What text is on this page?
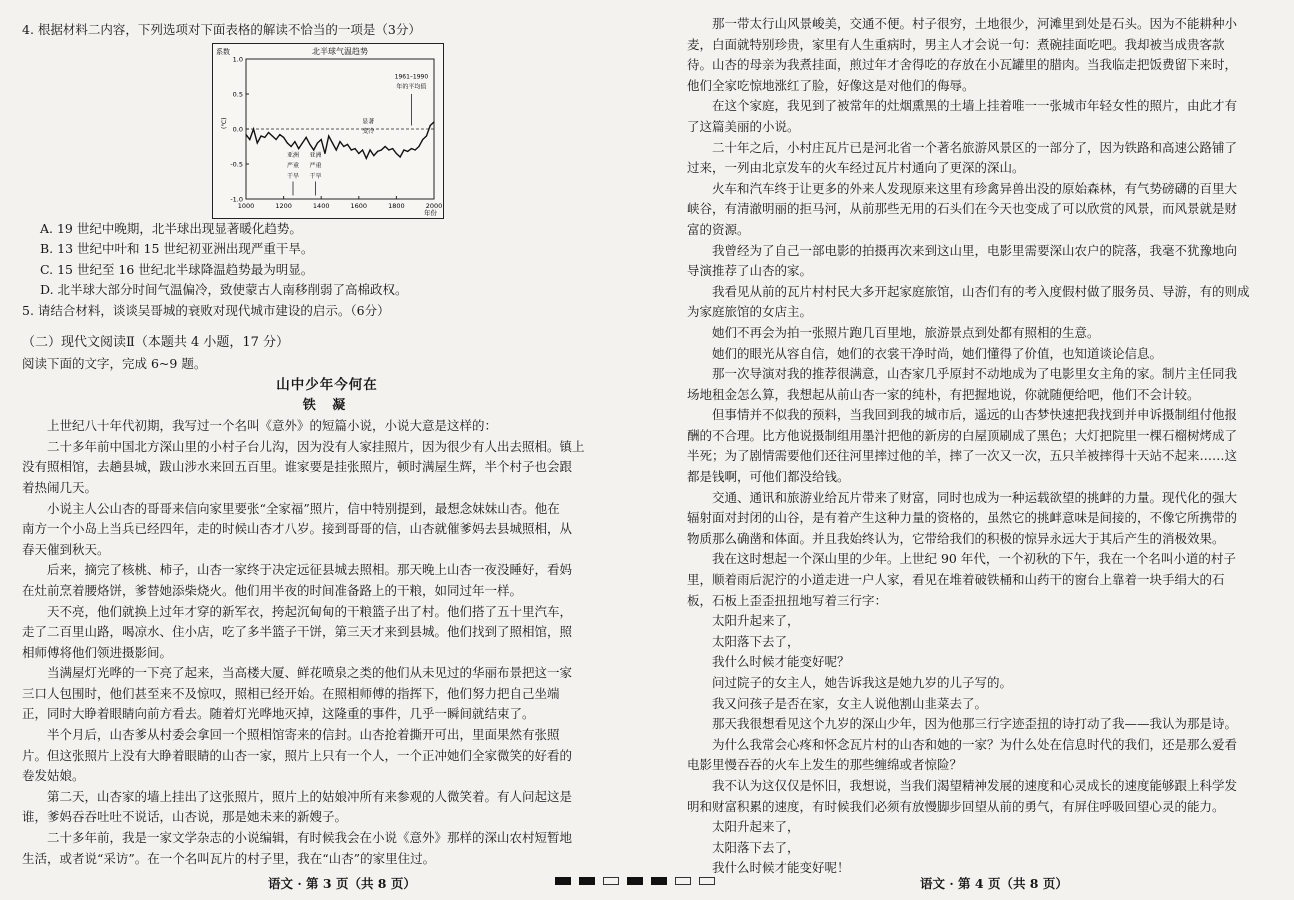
4. 根据材料二内容，下列选项对下面表格的解读不恰当的一项是（3分）
北半球气温趋势
系数
(℃)
1.0
0.5
0.0
-0.5
-1.0
1000	1200	1400	1600	1800	2000
年份
1961–1990
年的平均值
亚洲
严重
干旱
亚洲
严重
干旱
显著
变冷
A. 19 世纪中晚期，北半球出现显著暖化趋势。
B. 13 世纪中叶和 15 世纪初亚洲出现严重干旱。
C. 15 世纪至 16 世纪北半球降温趋势最为明显。
D. 北半球大部分时间气温偏冷，致使蒙古人南移削弱了高棉政权。
5. 请结合材料，谈谈吴哥城的衰败对现代城市建设的启示。（6分）
（二）现代文阅读Ⅱ（本题共 4 小题，17 分）
阅读下面的文字，完成 6~9 题。
山中少年今何在
铁 凝
上世纪八十年代初期，我写过一个名叫《意外》的短篇小说，小说大意是这样的：
二十多年前中国北方深山里的小村子台儿沟，因为没有人家挂照片，因为很少有人出去照相。镇上
没有照相馆，去趟县城，跋山涉水来回五百里。谁家要是挂张照片，顿时满屋生辉，半个村子也会跟
着热闹几天。
小说主人公山杏的哥哥来信向家里要张“全家福”照片，信中特别提到，最想念妹妹山杏。他在
南方一个小岛上当兵已经四年，走的时候山杏才八岁。接到哥哥的信，山杏就催爹妈去县城照相，从
春天催到秋天。
后来，摘完了核桃、柿子，山杏一家终于决定远征县城去照相。那天晚上山杏一夜没睡好，看妈
在灶前烹着腰烙饼，爹替她添柴烧火。他们用半夜的时间准备路上的干粮，如同过年一样。
天不亮，他们就换上过年才穿的新军衣，挎起沉甸甸的干粮篮子出了村。他们搭了五十里汽车，
走了二百里山路，喝凉水、住小店，吃了多半篮子干饼，第三天才来到县城。他们找到了照相馆，照
相师傅将他们领进摄影间。
当满屋灯光哗的一下亮了起来，当高楼大厦、鲜花喷泉之类的他们从未见过的华丽布景把这一家
三口人包围时，他们甚至来不及惊叹，照相已经开始。在照相师傅的指挥下，他们努力把自己坐端
正，同时大睁着眼睛向前方看去。随着灯光哗地灭掉，这隆重的事件，几乎一瞬间就结束了。
半个月后，山杏爹从村委会拿回一个照相馆寄来的信封。山杏抢着撕开可出，里面果然有张照
片。但这张照片上没有大睁着眼睛的山杏一家，照片上只有一个人，一个正冲她们全家微笑的好看的
卷发姑娘。
第二天，山杏家的墙上挂出了这张照片，照片上的姑娘冲所有来参观的人微笑着。有人问起这是
谁，爹妈吞吞吐吐不说话，山杏说，那是她未来的新嫂子。
二十多年前，我是一家文学杂志的小说编辑，有时候我会在小说《意外》那样的深山农村短暂地
生活，或者说“采访”。在一个名叫瓦片的村子里，我在“山杏”的家里住过。
语文 · 第 3 页（共 8 页）
那一带太行山风景峻美，交通不便。村子很穷，土地很少，河滩里到处是石头。因为不能耕种小
麦，白面就特别珍贵，家里有人生重病时，男主人才会说一句：煮碗挂面吃吧。我却被当成贵客款
待。山杏的母亲为我煮挂面，煎过年才舍得吃的存放在小瓦罐里的腊肉。当我临走把饭费留下来时，
他们全家吃惊地涨红了脸，好像这是对他们的侮辱。
在这个家庭，我见到了被常年的灶烟熏黑的土墙上挂着唯一一张城市年轻女性的照片，由此才有
了这篇美丽的小说。
二十年之后，小村庄瓦片已是河北省一个著名旅游风景区的一部分了，因为铁路和高速公路铺了
过来，一列由北京发车的火车经过瓦片村通向了更深的深山。
火车和汽车终于让更多的外来人发现原来这里有珍禽异兽出没的原始森林，有气势磅礴的百里大
峡谷，有清澈明丽的拒马河，从前那些无用的石头们在今天也变成了可以欣赏的风景，而风景就是财
富的资源。
我曾经为了自己一部电影的拍摄再次来到这山里，电影里需要深山农户的院落，我毫不犹豫地向
导演推荐了山杏的家。
我看见从前的瓦片村村民大多开起家庭旅馆，山杏们有的考入度假村做了服务员、导游，有的则成
为家庭旅馆的女店主。
她们不再会为拍一张照片跑几百里地，旅游景点到处都有照相的生意。
她们的眼光从容自信，她们的衣裳干净时尚，她们懂得了价值，也知道谈论信息。
那一次导演对我的推荐很满意，山杏家几乎原封不动地成为了电影里女主角的家。制片主任同我
场地租金怎么算，我想起从前山杏一家的纯朴，有把握地说，你就随便给吧，他们不会计较。
但事情并不似我的预料，当我回到我的城市后，遥远的山杏梦快速把我找到并申诉摄制组付他报
酬的不合理。比方他说摄制组用墨汁把他的新房的白屋顶刷成了黑色；大灯把院里一棵石榴树烤成了
半死；为了剧情需要他们还往河里摔过他的羊，摔了一次又一次，五只羊被摔得十天站不起来……这
都是钱啊，可他们都没给钱。
交通、通讯和旅游业给瓦片带来了财富，同时也成为一种运载欲望的挑衅的力量。现代化的强大
辐射面对封闭的山谷，是有着产生这种力量的资格的，虽然它的挑衅意味是间接的，不像它所携带的
物质那么确凿和体面。并且我始终认为，它带给我们的积极的惊异永远大于其后产生的消极效果。
我在这时想起一个深山里的少年。上世纪 90 年代，一个初秋的下午，我在一个名叫小道的村子
里，顺着雨后泥泞的小道走进一户人家，看见在堆着破铁桶和山药干的窗台上靠着一块手绢大的石
板，石板上歪歪扭扭地写着三行字：
太阳升起来了，
太阳落下去了，
我什么时候才能变好呢？
问过院子的女主人，她告诉我这是她九岁的儿子写的。
我又问孩子是否在家，女主人说他割山韭菜去了。
那天我很想看见这个九岁的深山少年，因为他那三行字迹歪扭的诗打动了我——我认为那是诗。
为什么我常会心疼和怀念瓦片村的山杏和她的一家？为什么处在信息时代的我们，还是那么爱看
电影里慢吞吞的火车上发生的那些缠绵或者惊险？
我不认为这仅仅是怀旧，我想说，当我们渴望精神发展的速度和心灵成长的速度能够跟上科学发
明和财富积累的速度，有时候我们必须有放慢脚步回望从前的勇气，有屏住呼吸回望心灵的能力。
太阳升起来了，
太阳落下去了，
我什么时候才能变好呢！
语文 · 第 4 页（共 8 页）
